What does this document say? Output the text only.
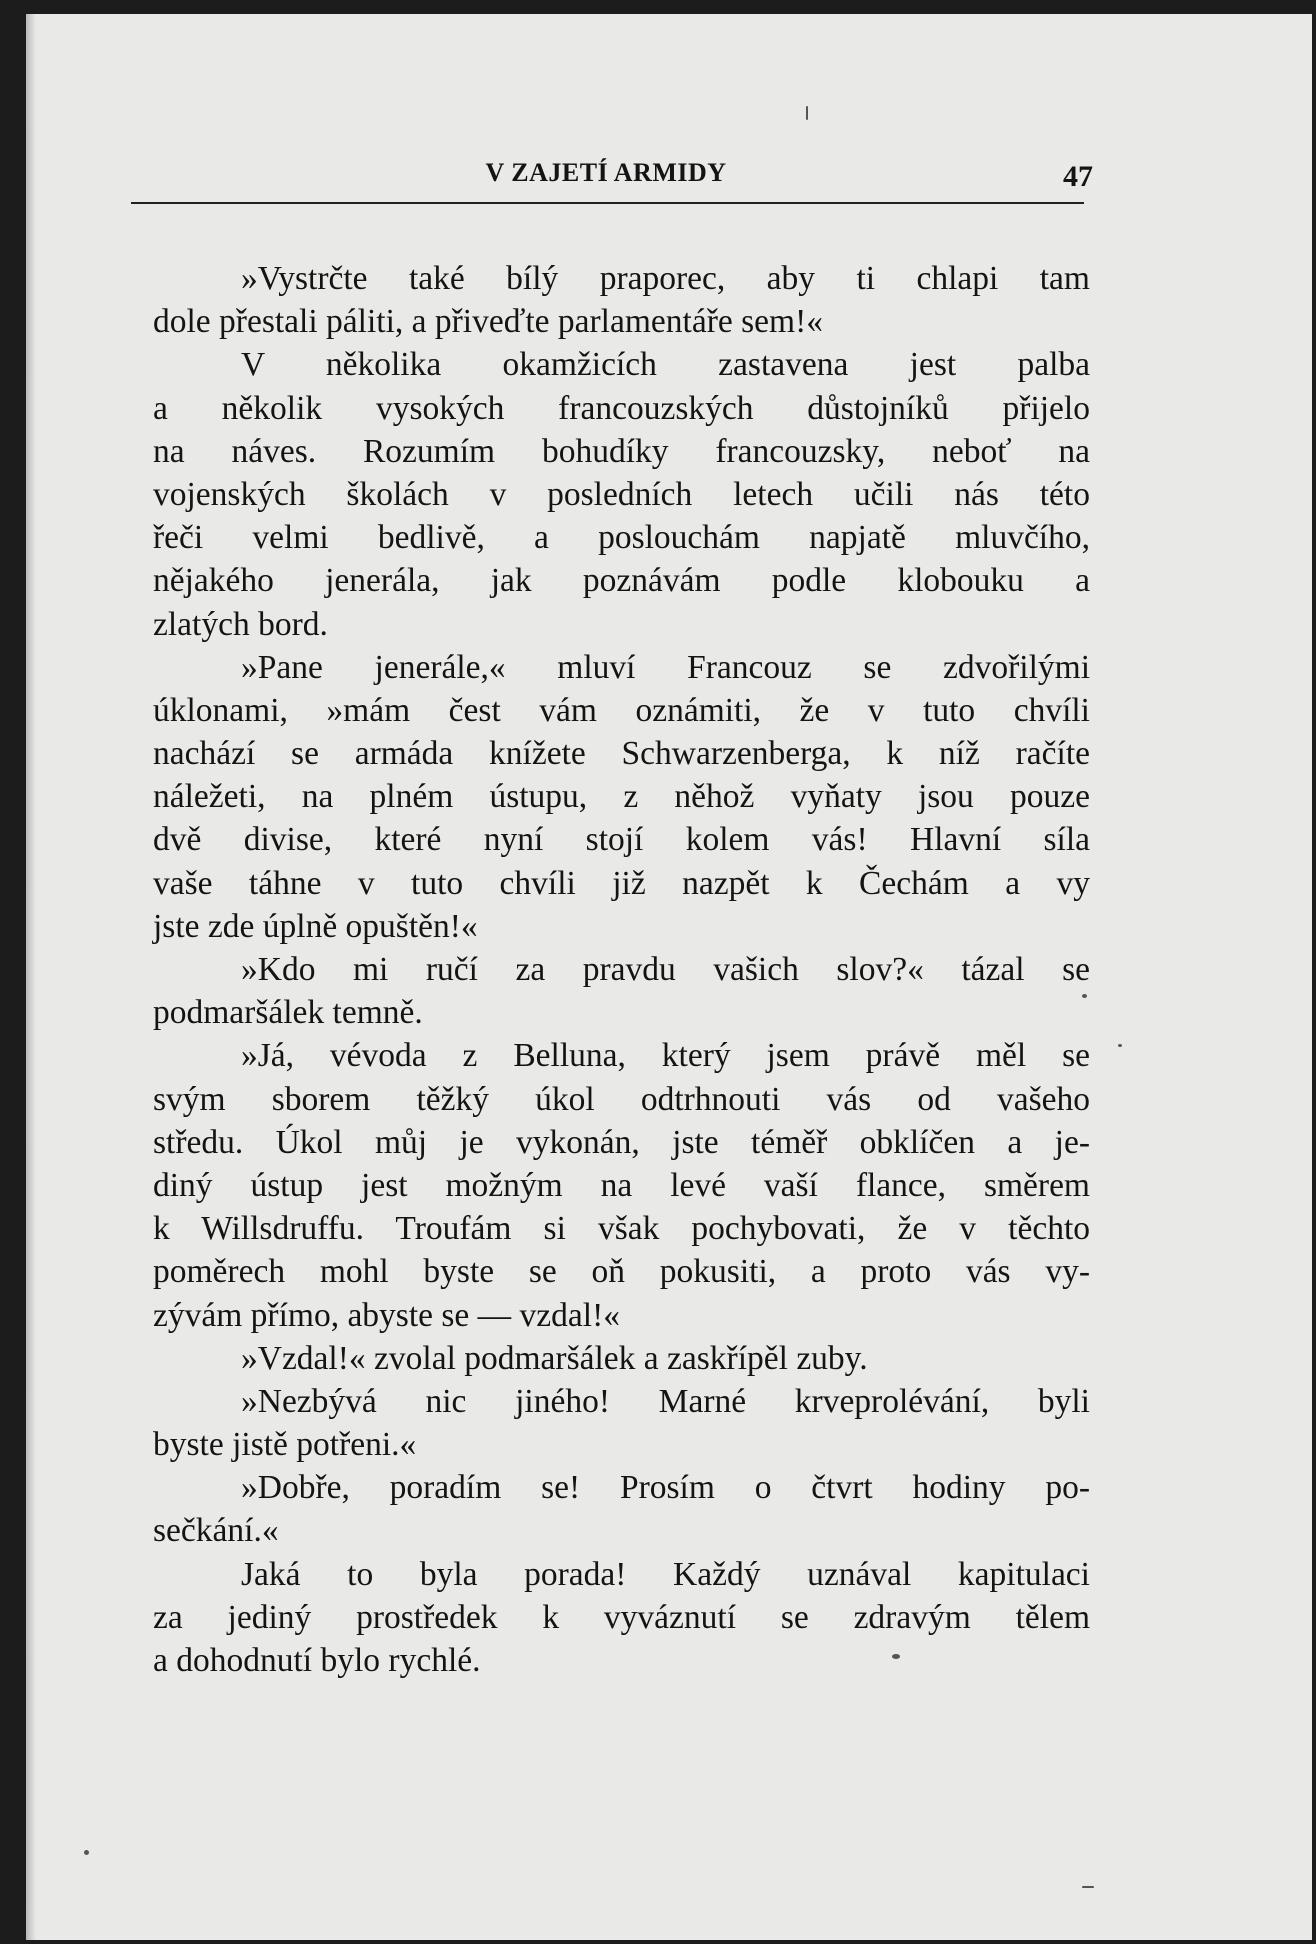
V ZAJETÍ ARMIDY	47
»Vystrčte také bílý praporec, aby ti chlapi tam
dole přestali páliti, a přiveďte parlamentáře sem!«
V několika okamžicích zastavena jest palba
a několik vysokých francouzských důstojníků přijelo
na náves. Rozumím bohudíky francouzsky, neboť na
vojenských školách v posledních letech učili nás této
řeči velmi bedlivě, a poslouchám napjatě mluvčího,
nějakého jenerála, jak poznávám podle klobouku a
zlatých bord.
»Pane jenerále,« mluví Francouz se zdvořilými
úklonami, »mám čest vám oznámiti, že v tuto chvíli
nachází se armáda knížete Schwarzenberga, k níž račíte
náležeti, na plném ústupu, z něhož vyňaty jsou pouze
dvě divise, které nyní stojí kolem vás! Hlavní síla
vaše táhne v tuto chvíli již nazpět k Čechám a vy
jste zde úplně opuštěn!«
»Kdo mi ručí za pravdu vašich slov?« tázal se
podmaršálek temně.
»Já, vévoda z Belluna, který jsem právě měl se
svým sborem těžký úkol odtrhnouti vás od vašeho
středu. Úkol můj je vykonán, jste téměř obklíčen a je-
diný ústup jest možným na levé vaší flance, směrem
k Willsdruffu. Troufám si však pochybovati, že v těchto
poměrech mohl byste se oň pokusiti, a proto vás vy-
zývám přímo, abyste se — vzdal!«
»Vzdal!« zvolal podmaršálek a zaskřípěl zuby.
»Nezbývá nic jiného! Marné krveprolévání, byli
byste jistě potřeni.«
»Dobře, poradím se! Prosím o čtvrt hodiny po-
sečkání.«
Jaká to byla porada! Každý uznával kapitulaci
za jediný prostředek k vyváznutí se zdravým tělem
a dohodnutí bylo rychlé.
